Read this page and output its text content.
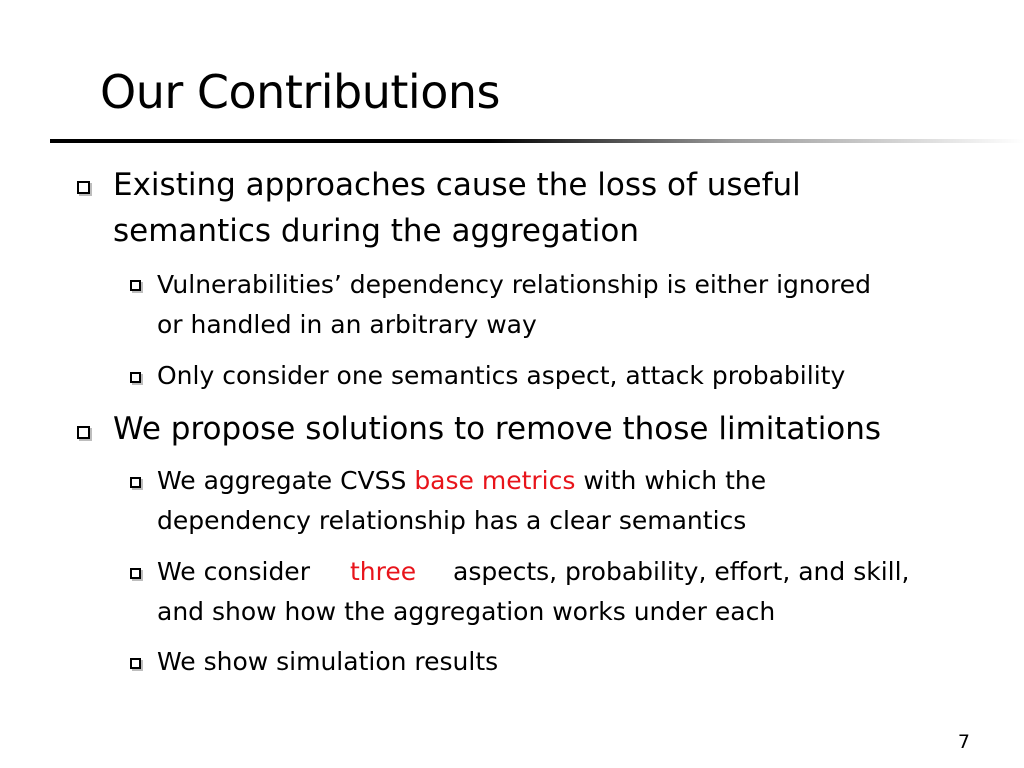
Our Contributions
Existing approaches cause the loss of useful
semantics during the aggregation
Vulnerabilities’ dependency relationship is either ignored
or handled in an arbitrary way
Only consider one semantics aspect, attack probability
We propose solutions to remove those limitations
We aggregate CVSS base metrics with which the
dependency relationship has a clear semantics
We consider three aspects, probability, effort, and skill,
and show how the aggregation works under each
We show simulation results
7
